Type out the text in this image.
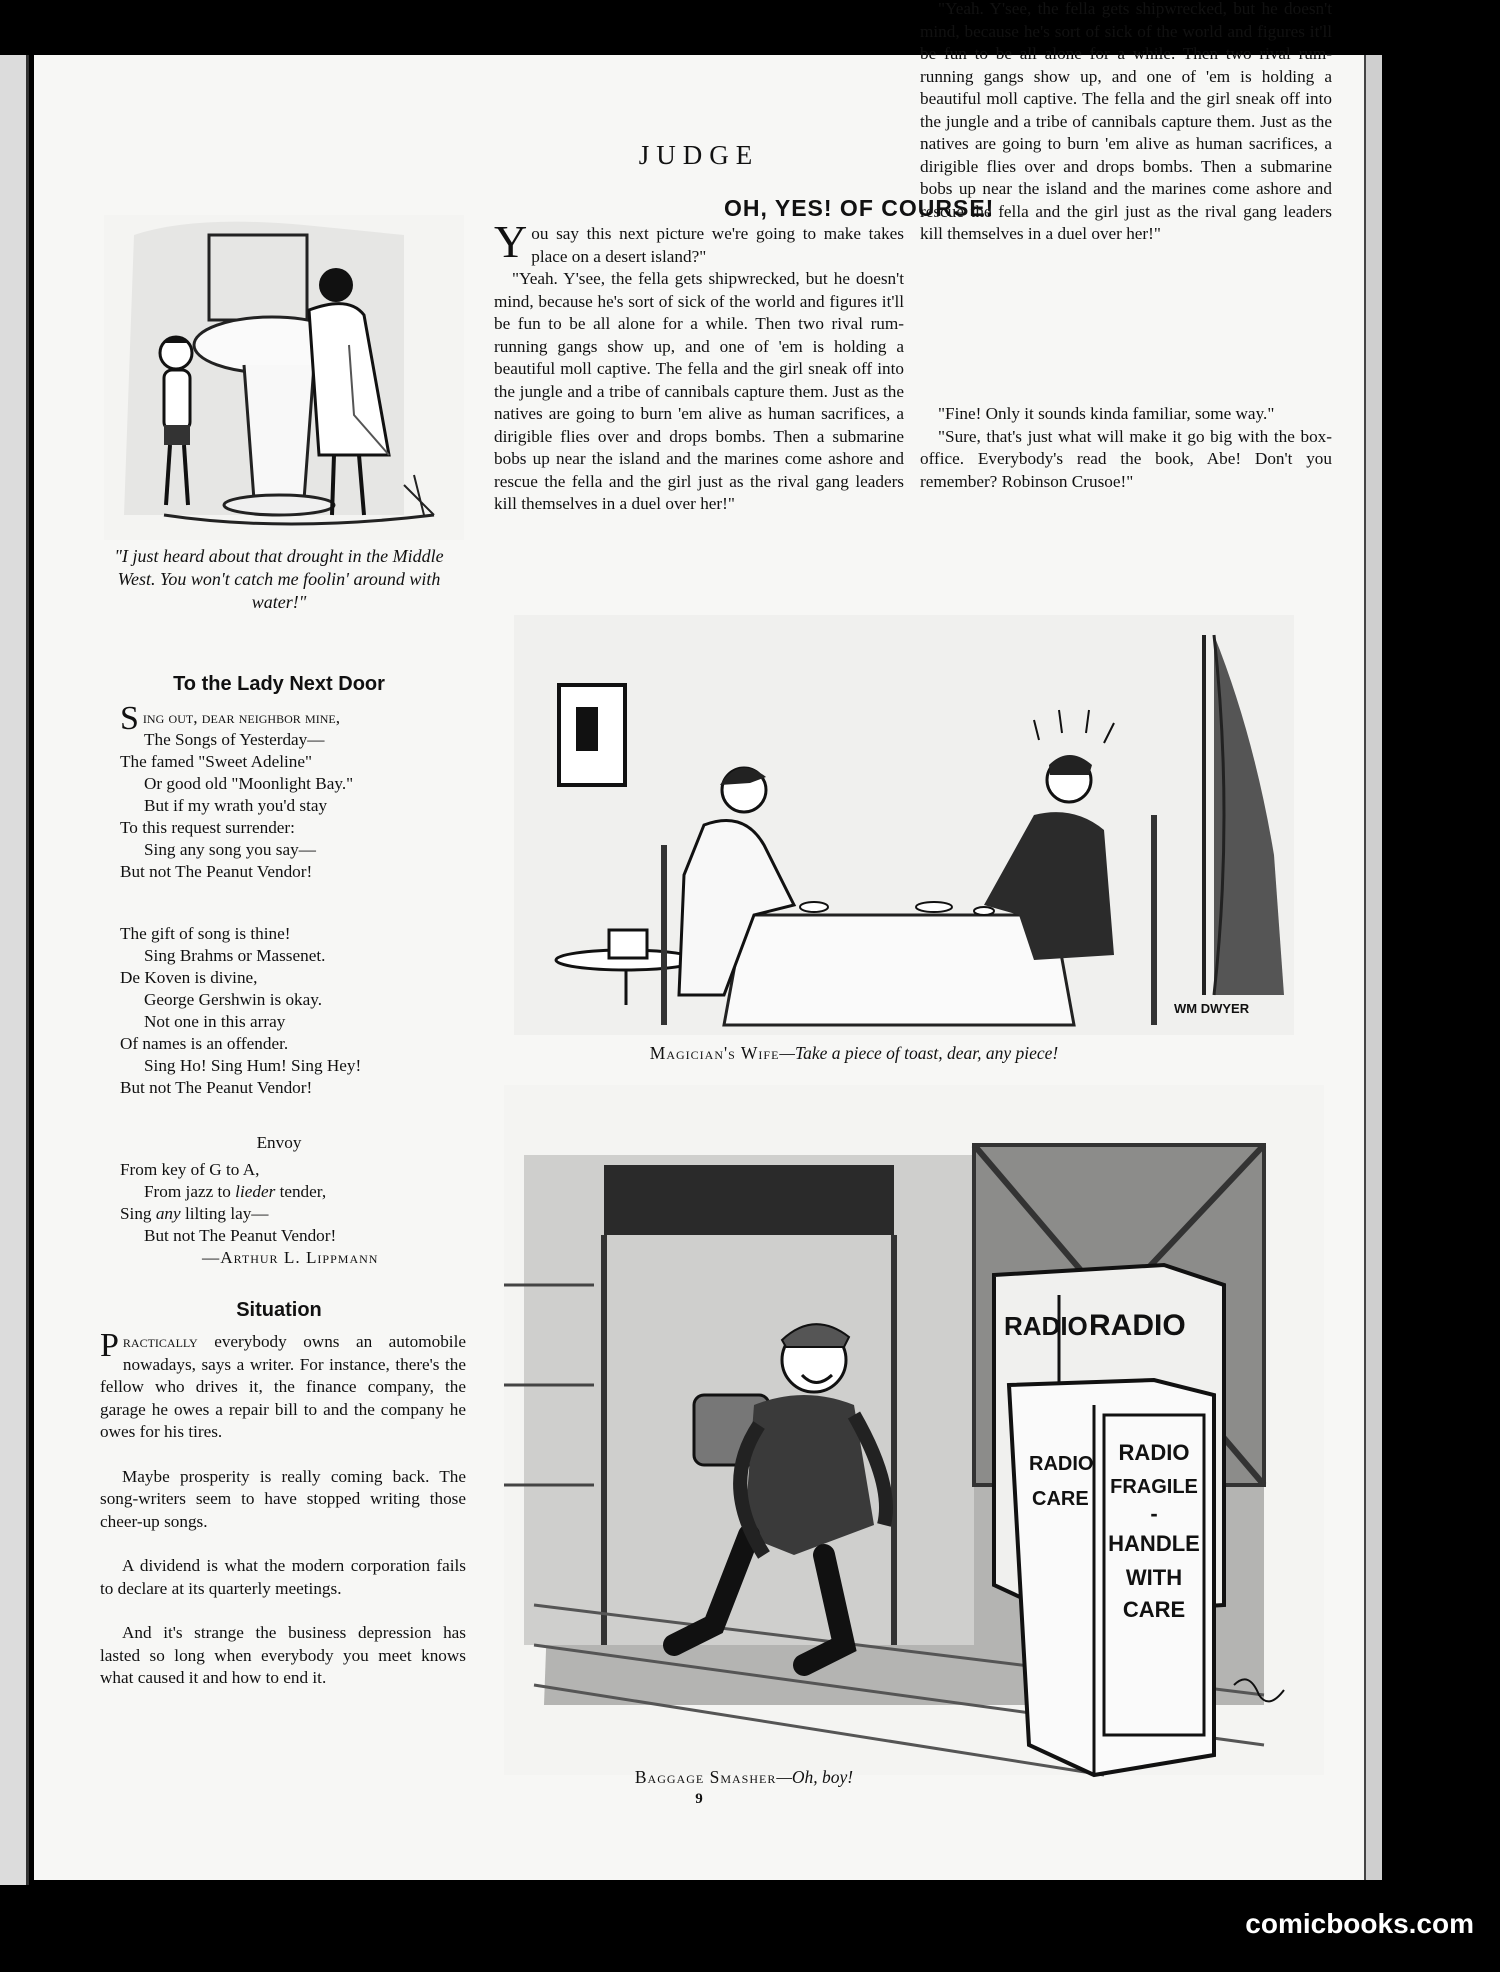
JUDGE
"I just heard about that drought in the Middle West. You won't catch me foolin' around with water!"
To the Lady Next Door
Sing out, dear neighbor mine,
The Songs of Yesterday—
The famed "Sweet Adeline"
Or good old "Moonlight Bay."
But if my wrath you'd stay
To this request surrender:
Sing any song you say—
But not The Peanut Vendor!
The gift of song is thine!
Sing Brahms or Massenet.
De Koven is divine,
George Gershwin is okay.
Not one in this array
Of names is an offender.
Sing Ho! Sing Hum! Sing Hey!
But not The Peanut Vendor!
Envoy
From key of G to A,
From jazz to lieder tender,
Sing any lilting lay—
But not The Peanut Vendor!
—Arthur L. Lippmann
Situation

Practically everybody owns an automobile nowadays, says a writer. For instance, there's the fellow who drives it, the finance company, the garage he owes a repair bill to and the company he owes for his tires.

Maybe prosperity is really coming back. The song-writers seem to have stopped writing those cheer-up songs.

A dividend is what the modern corporation fails to declare at its quarterly meetings.

And it's strange the business depression has lasted so long when everybody you meet knows what caused it and how to end it.

OH, YES! OF COURSE!

You say this next picture we're going to make takes place on a desert island?"

"Yeah. Y'see, the fella gets shipwrecked, but he doesn't mind, because he's sort of sick of the world and figures it'll be fun to be all alone for a while. Then two rival rum-running gangs show up, and one of 'em is holding a beautiful moll captive. The fella and the girl sneak off into the jungle and a tribe of cannibals capture them. Just as the natives are going to burn 'em alive as human sacrifices, a dirigible flies over and drops bombs. Then a submarine bobs up near the island and the marines come ashore and rescue the fella and the girl just as the rival gang leaders kill themselves in a duel over her!"

"Yeah. Y'see, the fella gets shipwrecked, but he doesn't mind, because he's sort of sick of the world and figures it'll be fun to be all alone for a while. Then two rival rum-running gangs show up, and one of 'em is holding a beautiful moll captive. The fella and the girl sneak off into the jungle and a tribe of cannibals capture them. Just as the natives are going to burn 'em alive as human sacrifices, a dirigible flies over and drops bombs. Then a submarine bobs up near the island and the marines come ashore and rescue the fella and the girl just as the rival gang leaders kill themselves in a duel over her!"

"Fine! Only it sounds kinda familiar, some way."

"Sure, that's just what will make it go big with the box-office. Everybody's read the book, Abe! Don't you remember? Robinson Crusoe!"

WM DWYER
Magician's Wife—Take a piece of toast, dear, any piece!
RADIO RADIO
RADIO
CARE
RADIO
FRAGILE
-
HANDLE
WITH
CARE
Baggage Smasher—Oh, boy!
9
comicbooks.com
